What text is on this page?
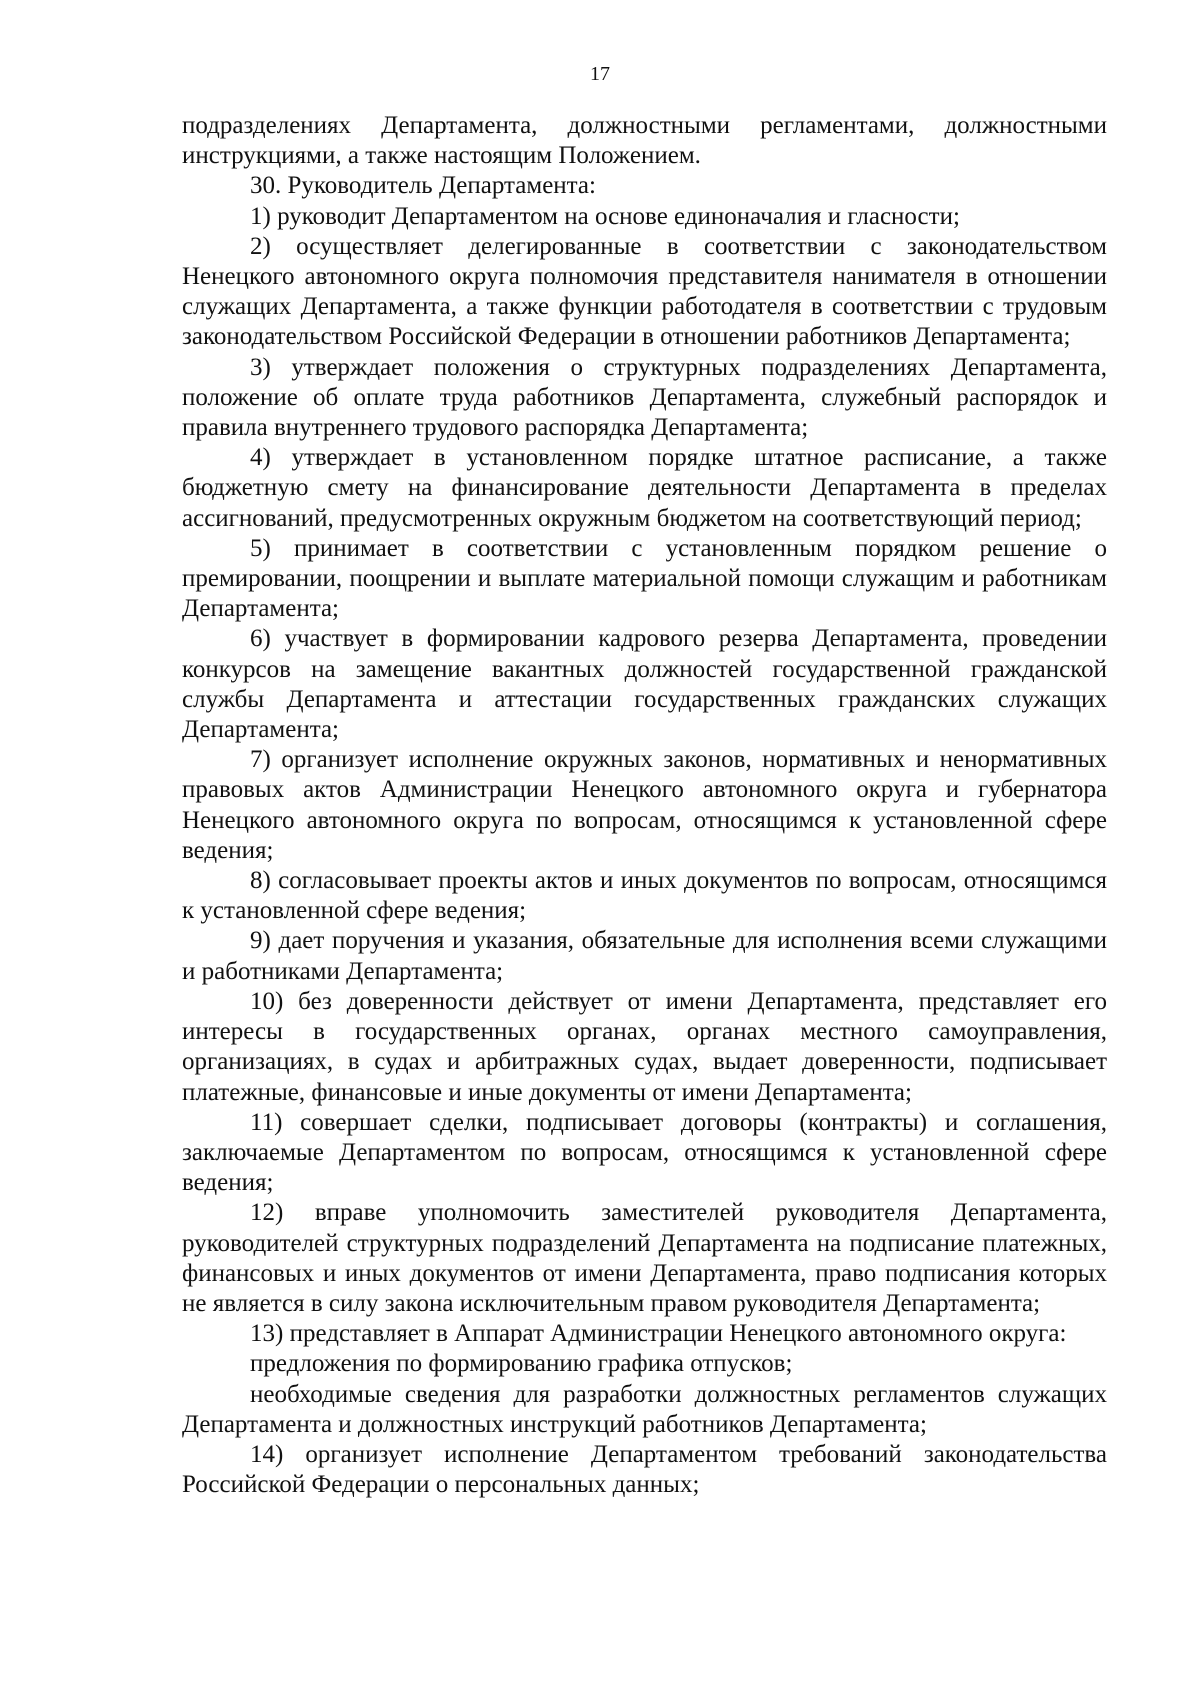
17

подразделениях Департамента, должностными регламентами, должностными инструкциями, а также настоящим Положением.

30. Руководитель Департамента:

1) руководит Департаментом на основе единоначалия и гласности;

2) осуществляет делегированные в соответствии с законодательством Ненецкого автономного округа полномочия представителя нанимателя в отношении служащих Департамента, а также функции работодателя в соответствии с трудовым законодательством Российской Федерации в отношении работников Департамента;

3) утверждает положения о структурных подразделениях Департамента, положение об оплате труда работников Департамента, служебный распорядок и правила внутреннего трудового распорядка Департамента;

4) утверждает в установленном порядке штатное расписание, а также бюджетную смету на финансирование деятельности Департамента в пределах ассигнований, предусмотренных окружным бюджетом на соответствующий период;

5) принимает в соответствии с установленным порядком решение о премировании, поощрении и выплате материальной помощи служащим и работникам Департамента;

6) участвует в формировании кадрового резерва Департамента, проведении конкурсов на замещение вакантных должностей государственной гражданской службы Департамента и аттестации государственных гражданских служащих Департамента;

7) организует исполнение окружных законов, нормативных и ненормативных правовых актов Администрации Ненецкого автономного округа и губернатора Ненецкого автономного округа по вопросам, относящимся к установленной сфере ведения;

8) согласовывает проекты актов и иных документов по вопросам, относящимся к установленной сфере ведения;

9) дает поручения и указания, обязательные для исполнения всеми служащими и работниками Департамента;

10) без доверенности действует от имени Департамента, представляет его интересы в государственных органах, органах местного самоуправления, организациях, в судах и арбитражных судах, выдает доверенности, подписывает платежные, финансовые и иные документы от имени Департамента;

11) совершает сделки, подписывает договоры (контракты) и соглашения, заключаемые Департаментом по вопросам, относящимся к установленной сфере ведения;

12) вправе уполномочить заместителей руководителя Департамента, руководителей структурных подразделений Департамента на подписание платежных, финансовых и иных документов от имени Департамента, право подписания которых не является в силу закона исключительным правом руководителя Департамента;

13) представляет в Аппарат Администрации Ненецкого автономного округа:

предложения по формированию графика отпусков;

необходимые сведения для разработки должностных регламентов служащих Департамента и должностных инструкций работников Департамента;

14) организует исполнение Департаментом требований законодательства Российской Федерации о персональных данных;
